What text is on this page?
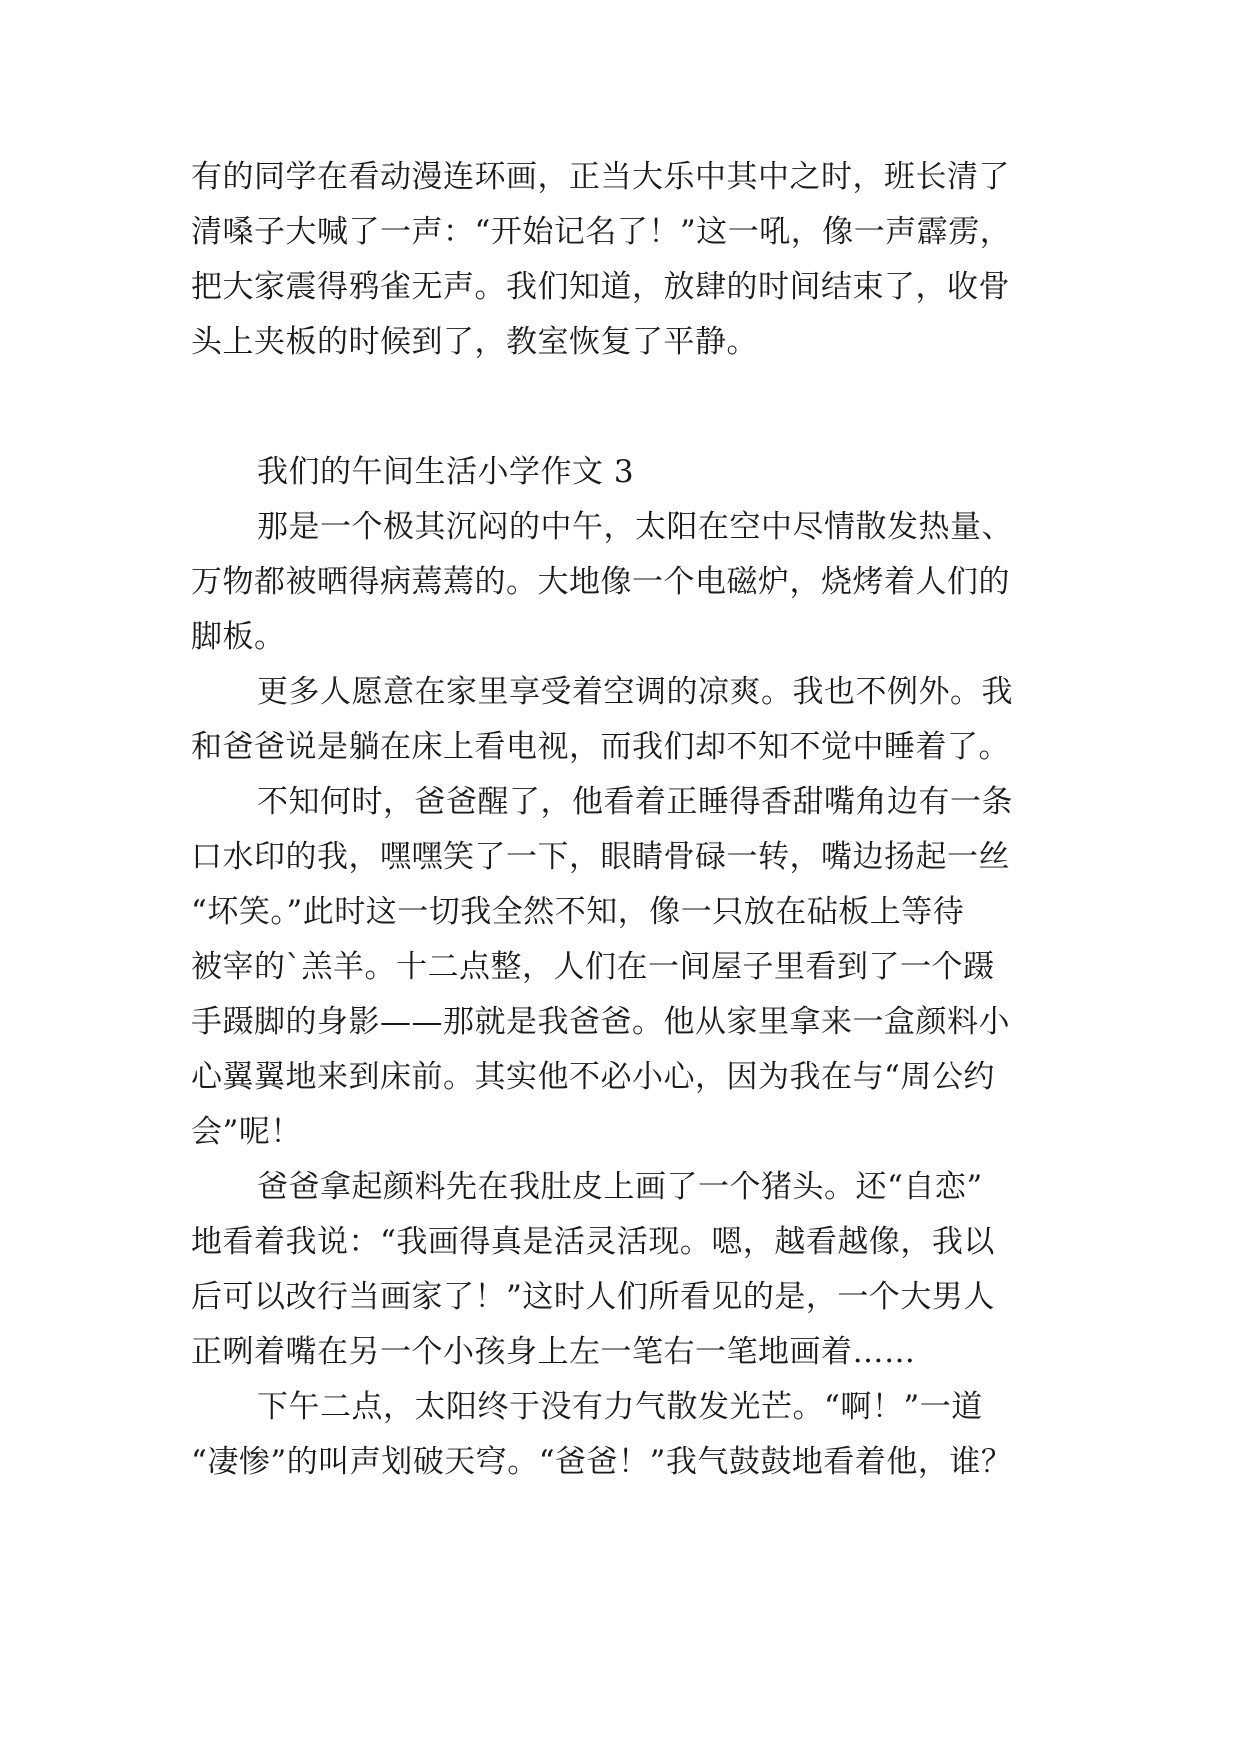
有的同学在看动漫连环画，正当大乐中其中之时，班长清了
清嗓子大喊了一声：“开始记名了！”这一吼，像一声霹雳，
把大家震得鸦雀无声。我们知道，放肆的时间结束了，收骨
头上夹板的时候到了，教室恢复了平静。
我们的午间生活小学作文 3
那是一个极其沉闷的中午，太阳在空中尽情散发热量、
万物都被晒得病蔫蔫的。大地像一个电磁炉，烧烤着人们的
脚板。
更多人愿意在家里享受着空调的凉爽。我也不例外。我
和爸爸说是躺在床上看电视，而我们却不知不觉中睡着了。
不知何时，爸爸醒了，他看着正睡得香甜嘴角边有一条
口水印的我，嘿嘿笑了一下，眼睛骨碌一转，嘴边扬起一丝
“坏笑。”此时这一切我全然不知，像一只放在砧板上等待
被宰的`羔羊。十二点整，人们在一间屋子里看到了一个蹑
手蹑脚的身影——那就是我爸爸。他从家里拿来一盒颜料小
心翼翼地来到床前。其实他不必小心，因为我在与“周公约
会”呢！
爸爸拿起颜料先在我肚皮上画了一个猪头。还“自恋”
地看着我说：“我画得真是活灵活现。嗯，越看越像，我以
后可以改行当画家了！”这时人们所看见的是，一个大男人
正咧着嘴在另一个小孩身上左一笔右一笔地画着……
下午二点，太阳终于没有力气散发光芒。“啊！”一道
“凄惨”的叫声划破天穹。“爸爸！”我气鼓鼓地看着他，谁？
